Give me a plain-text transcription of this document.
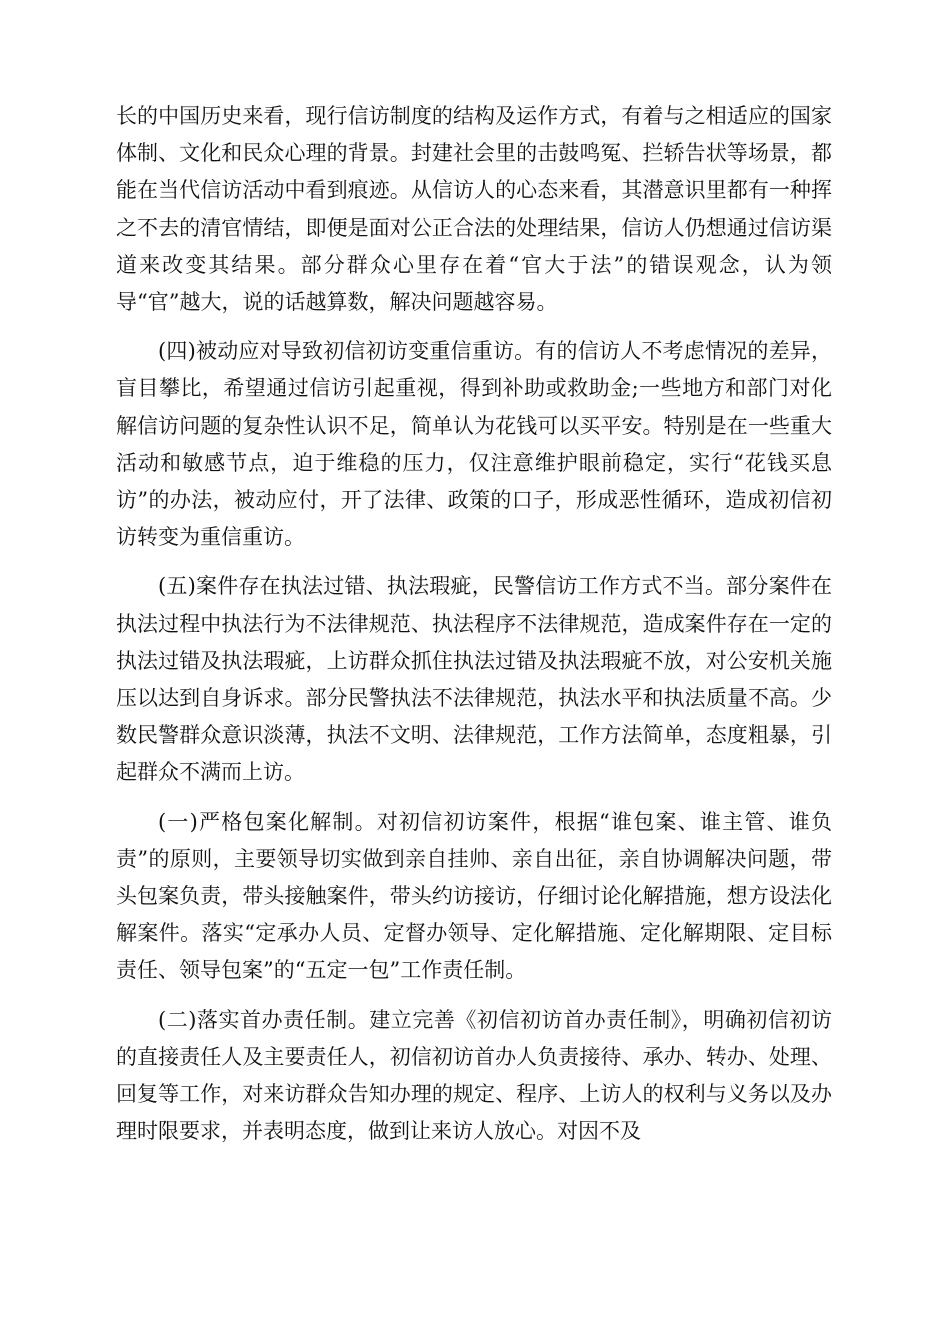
长的中国历史来看，现行信访制度的结构及运作方式，有着与之相适应的国家体制、文化和民众心理的背景。封建社会里的击鼓鸣冤、拦轿告状等场景，都能在当代信访活动中看到痕迹。从信访人的心态来看，其潜意识里都有一种挥之不去的清官情结，即便是面对公正合法的处理结果，信访人仍想通过信访渠道来改变其结果。部分群众心里存在着“官大于法”的错误观念，认为领导“官”越大，说的话越算数，解决问题越容易。

(四)被动应对导致初信初访变重信重访。有的信访人不考虑情况的差异，盲目攀比，希望通过信访引起重视，得到补助或救助金;一些地方和部门对化解信访问题的复杂性认识不足，简单认为花钱可以买平安。特别是在一些重大活动和敏感节点，迫于维稳的压力，仅注意维护眼前稳定，实行“花钱买息访”的办法，被动应付，开了法律、政策的口子，形成恶性循环，造成初信初访转变为重信重访。

(五)案件存在执法过错、执法瑕疵，民警信访工作方式不当。部分案件在执法过程中执法行为不法律规范、执法程序不法律规范，造成案件存在一定的执法过错及执法瑕疵，上访群众抓住执法过错及执法瑕疵不放，对公安机关施压以达到自身诉求。部分民警执法不法律规范，执法水平和执法质量不高。少数民警群众意识淡薄，执法不文明、法律规范，工作方法简单，态度粗暴，引起群众不满而上访。

(一)严格包案化解制。对初信初访案件，根据“谁包案、谁主管、谁负责”的原则，主要领导切实做到亲自挂帅、亲自出征，亲自协调解决问题，带头包案负责，带头接触案件，带头约访接访，仔细讨论化解措施，想方设法化解案件。落实“定承办人员、定督办领导、定化解措施、定化解期限、定目标责任、领导包案”的“五定一包”工作责任制。

(二)落实首办责任制。建立完善《初信初访首办责任制》，明确初信初访的直接责任人及主要责任人，初信初访首办人负责接待、承办、转办、处理、回复等工作，对来访群众告知办理的规定、程序、上访人的权利与义务以及办理时限要求，并表明态度，做到让来访人放心。对因不及
